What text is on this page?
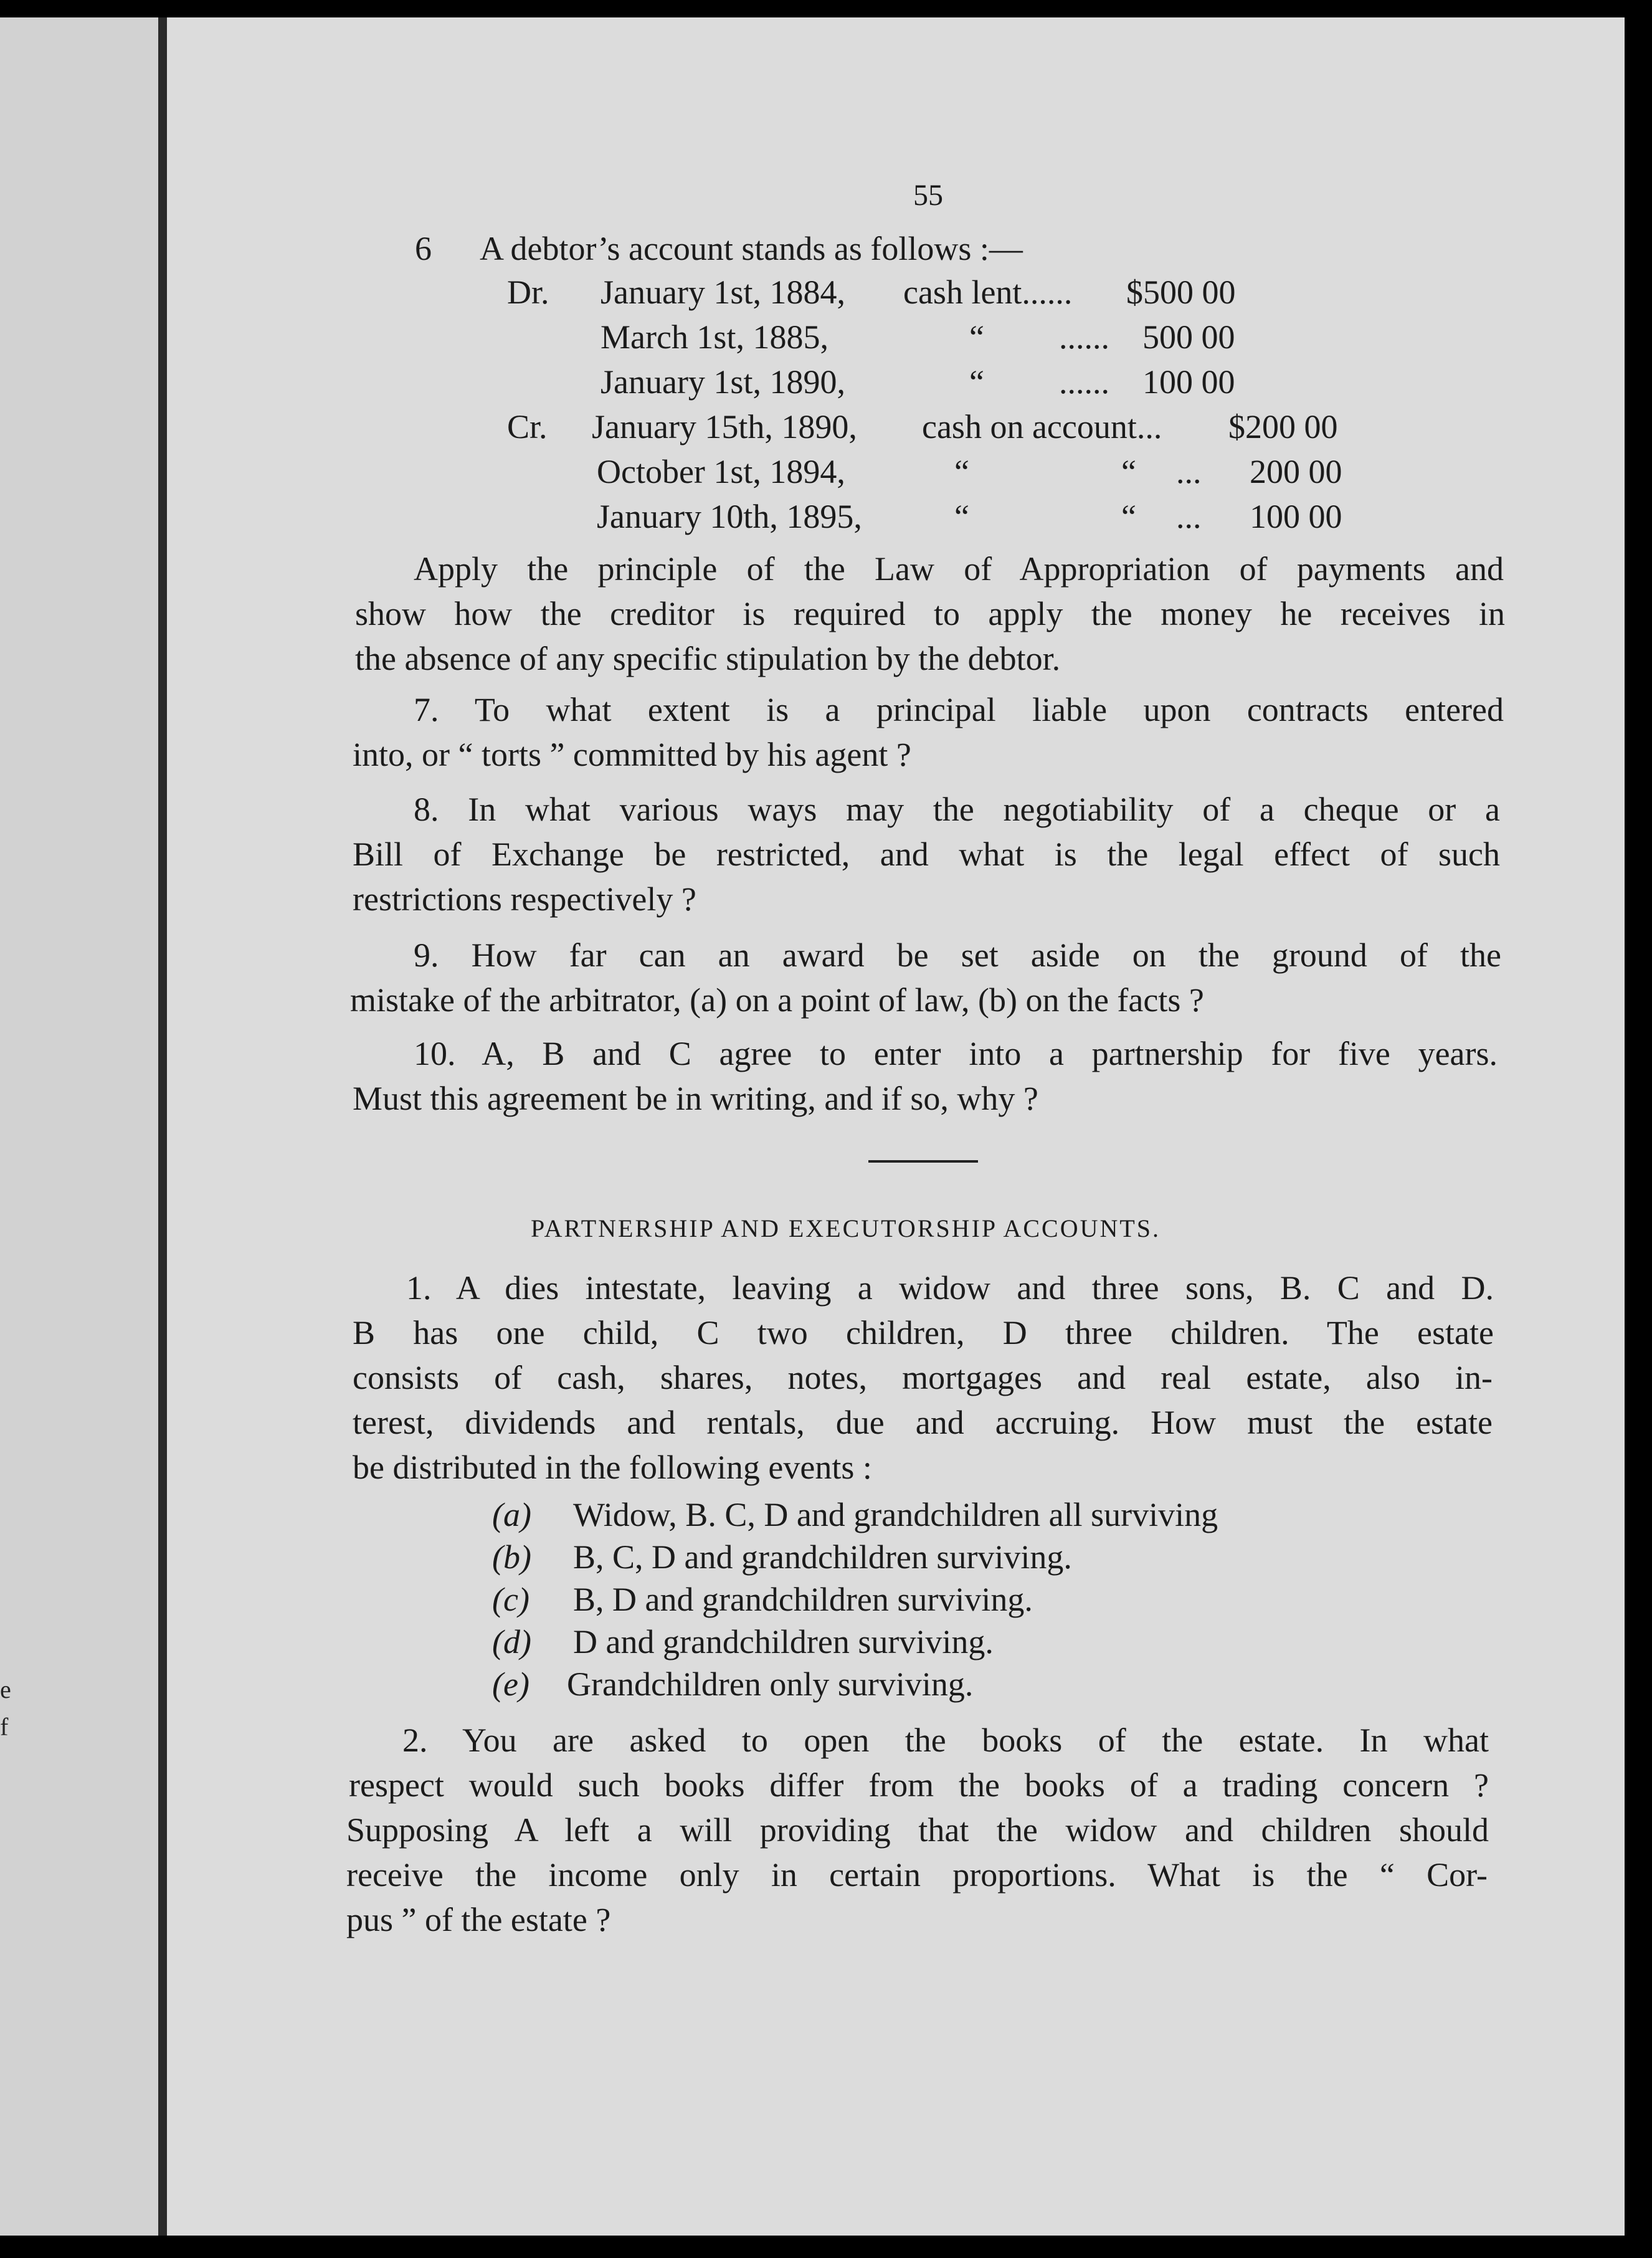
e
f
55
6 A debtor’s account stands as follows :—
Dr. January 1st, 1884, cash lent...... $500 00
March 1st, 1885,	“ ...... 500 00
January 1st, 1890,	“ ...... 100 00
Cr. January 15th, 1890, cash on account... $200 00
October 1st, 1894,	“	“ ... 200 00
January 10th, 1895,	“	“ ... 100 00
Apply the principle of the Law of Appropriation of payments and
show how the creditor is required to apply the money he receives in
the absence of any specific stipulation by the debtor.
7. To what extent is a principal liable upon contracts entered
into, or “ torts ” committed by his agent ?
8. In what various ways may the negotiability of a cheque or a
Bill of Exchange be restricted, and what is the legal effect of such
restrictions respectively ?
9. How far can an award be set aside on the ground of the
mistake of the arbitrator, (a) on a point of law, (b) on the facts ?
10. A, B and C agree to enter into a partnership for five years.
Must this agreement be in writing, and if so, why ?
PARTNERSHIP AND EXECUTORSHIP ACCOUNTS.
1. A dies intestate, leaving a widow and three sons, B. C and D.
B has one child, C two children, D three children. The estate
consists of cash, shares, notes, mortgages and real estate, also in-
terest, dividends and rentals, due and accruing. How must the estate
be distributed in the following events :
(a) Widow, B. C, D and grandchildren all surviving
(b) B, C, D and grandchildren surviving.
(c) B, D and grandchildren surviving.
(d) D and grandchildren surviving.
(e) Grandchildren only surviving.
2. You are asked to open the books of the estate. In what
respect would such books differ from the books of a trading concern ?
Supposing A left a will providing that the widow and children should
receive the income only in certain proportions. What is the “ Cor-
pus ” of the estate ?
